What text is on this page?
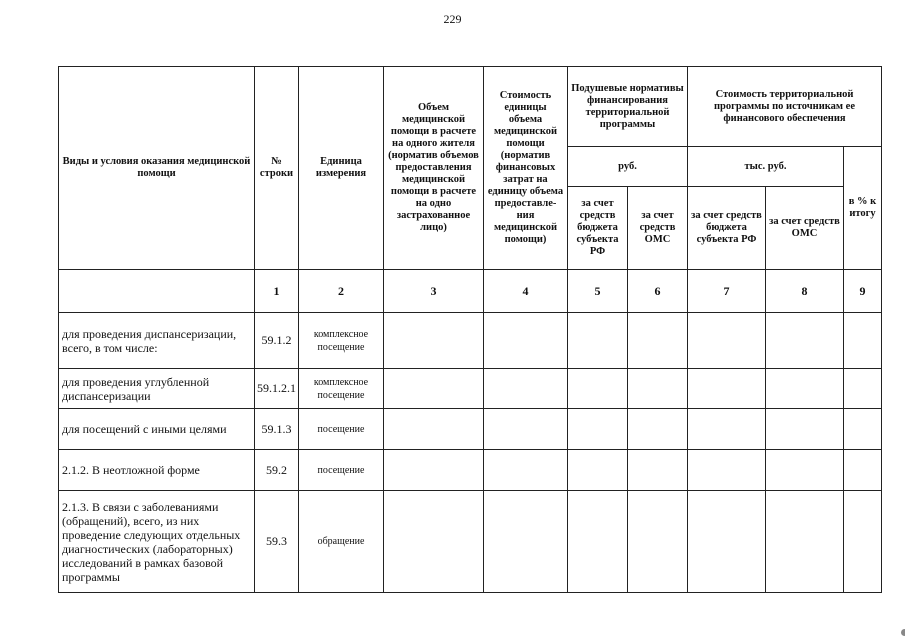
229
Виды и условия оказания медицинской помощи	№ строки	Единица измерения	Объем медицинской помощи в расчете на одного жителя (норматив объемов предоставления медицинской помощи в расчете на одно застрахованное лицо)	Стоимость единицы объема медицинской помощи (норматив финансовых затрат на единицу объема предоставле-ния медицинской помощи)	Подушевые нормативы финансирования территориальной программы		Стоимость территориальной программы по источникам ее финансового обеспечения		
					руб.		тыс. руб.		в % к итогу
					за счет средств бюджета субъекта РФ	за счет средств ОМС	за счет средств бюджета субъекта РФ	за счет средств ОМС	
	1	2	3	4	5	6	7	8	9
для проведения диспансеризации, всего, в том числе:	59.1.2	комплексное посещение							
для проведения углубленной диспансеризации	59.1.2.1	комплексное посещение							
для посещений с иными целями	59.1.3	посещение							
2.1.2. В неотложной форме	59.2	посещение							
2.1.3. В связи с заболеваниями (обращений), всего, из них проведение следующих отдельных диагностических (лабораторных) исследований в рамках базовой программы	59.3	обращение							
